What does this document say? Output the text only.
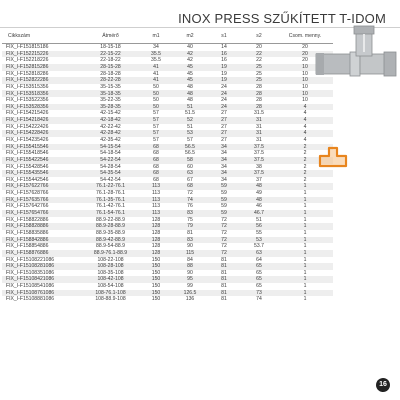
INOX PRESS SZŰKÍTETT T-IDOM
Cikkszám	Átmérő	m1	m2	s1	s2	Csom. menny.
FIX_I-F151815186	18-15-18	34	40	14	20	20
FIX_I-F152215226	22-15-22	35.5	42	16	22	20
FIX_I-F152218226	22-18-22	35.5	42	16	22	20
FIX_I-F152815286	28-15-28	41	45	19	25	10
FIX_I-F152818286	28-18-28	41	45	19	25	10
FIX_I-F152822286	28-22-28	41	45	19	25	10
FIX_I-F153515356	35-15-35	50	48	24	28	10
FIX_I-F153518356	35-18-35	50	48	24	28	10
FIX_I-F153522356	35-22-35	50	48	24	28	10
FIX_I-F153528356	35-28-35	50	51	24	28	4
FIX_I-F154215426	42-15-42	57	51.5	27	31.5	4
FIX_I-F154218426	42-18-42	57	52	27	31	4
FIX_I-F154222426	42-22-42	57	51	27	31	4
FIX_I-F154228426	42-28-42	57	53	27	31	4
FIX_I-F154235426	42-35-42	57	57	27	31	4
FIX_I-F155415546	54-15-54	68	56.5	34	37.5	2
FIX_I-F155418546	54-18-54	68	56.5	34	37.5	2
FIX_I-F155422546	54-22-54	68	58	34	37.5	2
FIX_I-F155428546	54-28-54	68	60	34	38	2
FIX_I-F155435546	54-35-54	68	63	34	37.5	2
FIX_I-F155442546	54-42-54	68	67	34	37	2
FIX_I-F157622766	76.1-22-76.1	113	68	59	48	1
FIX_I-F157628766	76.1-28-76.1	113	72	59	49	1
FIX_I-F157635766	76.1-35-76.1	113	74	59	48	1
FIX_I-F157642766	76.1-42-76.1	113	76	59	46	1
FIX_I-F157654766	76.1-54-76.1	113	83	59	46.7	1
FIX_I-F158822886	88.9-22-88.9	128	75	72	51	1
FIX_I-F158828886	88.9-28-88.9	128	79	72	56	1
FIX_I-F158835886	88.9-35-88.9	128	81	72	55	1
FIX_I-F158842886	88.9-42-88.9	128	83	72	53	1
FIX_I-F158854886	88.9-54-88.9	128	90	72	53.7	1
FIX_I-F158876886	88.9-76.1-88.9	128	115	72	63	1
FIX_I-F15108221086	108-22-108	150	84	81	64	1
FIX_I-F15108281086	108-28-108	150	88	81	65	1
FIX_I-F15108351086	108-35-108	150	90	81	65	1
FIX_I-F15108421086	108-42-108	150	95	81	65	1
FIX_I-F15108541086	108-54-108	150	99	81	65	1
FIX_I-F15108761086	108-76.1-108	150	126.5	81	73	1
FIX_I-F15108881086	108-88.9-108	150	136	81	74	1
16
